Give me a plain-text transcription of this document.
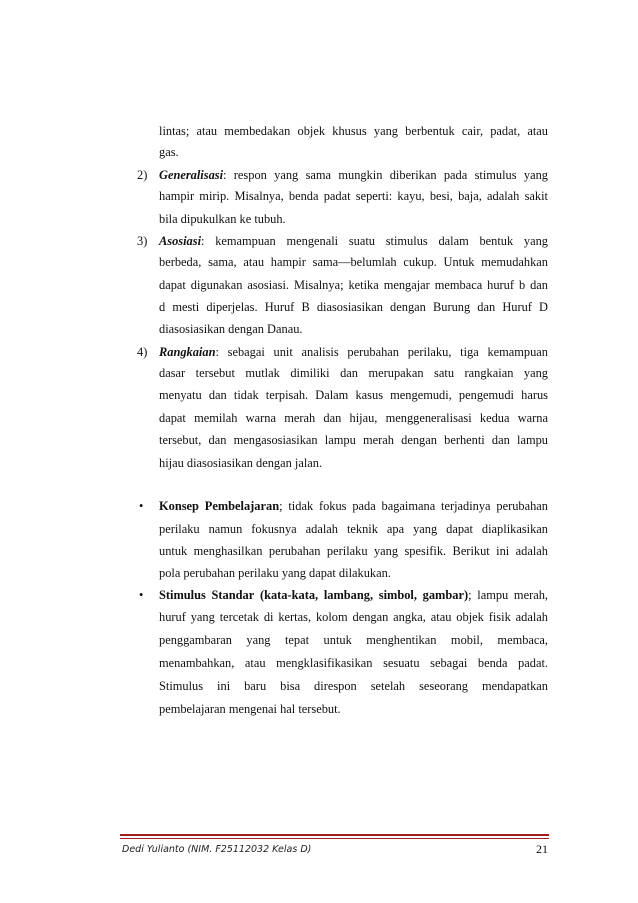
lintas; atau membedakan objek khusus yang berbentuk cair, padat, atau
gas.
2) Generalisasi: respon yang sama mungkin diberikan pada stimulus yang
hampir mirip. Misalnya, benda padat seperti: kayu, besi, baja, adalah sakit
bila dipukulkan ke tubuh.
3) Asosiasi: kemampuan mengenali suatu stimulus dalam bentuk yang
berbeda, sama, atau hampir sama—belumlah cukup. Untuk memudahkan
dapat digunakan asosiasi. Misalnya; ketika mengajar membaca huruf b dan
d mesti diperjelas. Huruf B diasosiasikan dengan Burung dan Huruf D
diasosiasikan dengan Danau.
4) Rangkaian: sebagai unit analisis perubahan perilaku, tiga kemampuan
dasar tersebut mutlak dimiliki dan merupakan satu rangkaian yang
menyatu dan tidak terpisah. Dalam kasus mengemudi, pengemudi harus
dapat memilah warna merah dan hijau, menggeneralisasi kedua warna
tersebut, dan mengasosiasikan lampu merah dengan berhenti dan lampu
hijau diasosiasikan dengan jalan.
• Konsep Pembelajaran; tidak fokus pada bagaimana terjadinya perubahan
perilaku namun fokusnya adalah teknik apa yang dapat diaplikasikan
untuk menghasilkan perubahan perilaku yang spesifik. Berikut ini adalah
pola perubahan perilaku yang dapat dilakukan.
• Stimulus Standar (kata-kata, lambang, simbol, gambar); lampu merah,
huruf yang tercetak di kertas, kolom dengan angka, atau objek fisik adalah
penggambaran yang tepat untuk menghentikan mobil, membaca,
menambahkan, atau mengklasifikasikan sesuatu sebagai benda padat.
Stimulus ini baru bisa direspon setelah seseorang mendapatkan
pembelajaran mengenai hal tersebut.
Dedi Yulianto (NIM. F25112032 Kelas D)	21
